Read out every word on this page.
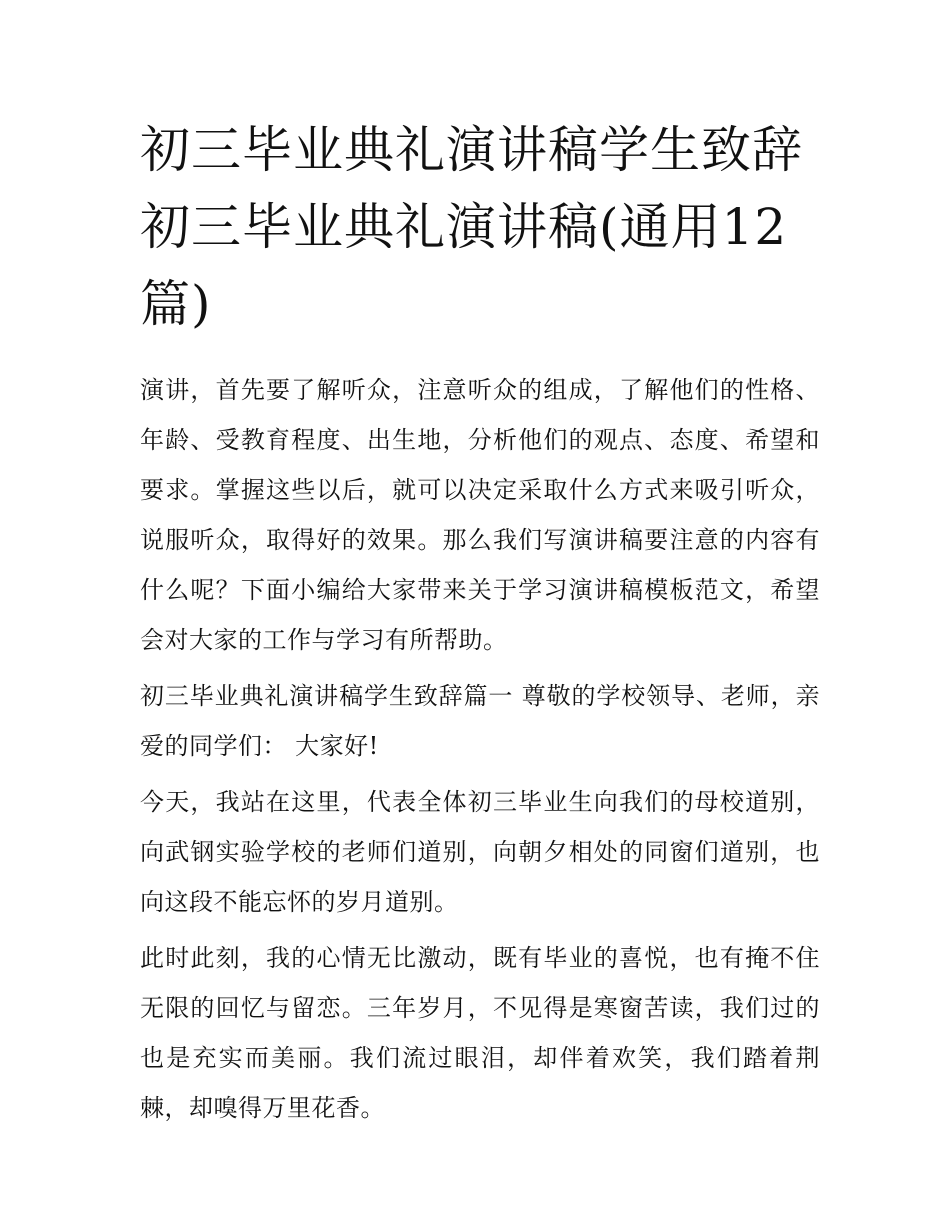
初三毕业典礼演讲稿学生致辞初三毕业典礼演讲稿(通用12篇)

演讲，首先要了解听众，注意听众的组成，了解他们的性格、年龄、受教育程度、出生地，分析他们的观点、态度、希望和要求。掌握这些以后，就可以决定采取什么方式来吸引听众，说服听众，取得好的效果。那么我们写演讲稿要注意的内容有什么呢？下面小编给大家带来关于学习演讲稿模板范文，希望会对大家的工作与学习有所帮助。

初三毕业典礼演讲稿学生致辞篇一 尊敬的学校领导、老师，亲爱的同学们： 大家好!

今天，我站在这里，代表全体初三毕业生向我们的母校道别，向武钢实验学校的老师们道别，向朝夕相处的同窗们道别，也向这段不能忘怀的岁月道别。

此时此刻，我的心情无比激动，既有毕业的喜悦，也有掩不住无限的回忆与留恋。三年岁月，不见得是寒窗苦读，我们过的也是充实而美丽。我们流过眼泪，却伴着欢笑，我们踏着荆棘，却嗅得万里花香。
